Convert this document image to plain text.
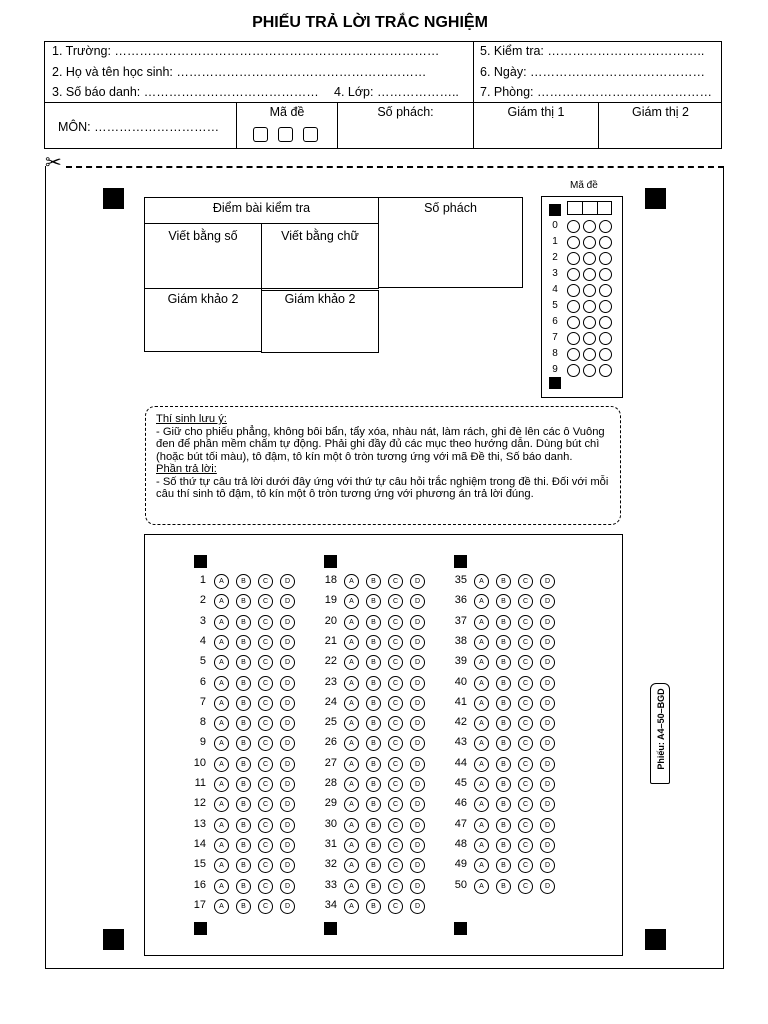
PHIẾU TRẢ LỜI TRẮC NGHIỆM
1. Trường: ……………………………………………………………………
2. Họ và tên học sinh: ……………………………………………………
3. Số báo danh: …………………………………… 4. Lớp: ………………..
5. Kiểm tra: ………………………………..
6. Ngày: ……………………………………
7. Phòng: ……………………………………
MÔN: …………………………
Mã đề	Số phách:	Giám thị 1	Giám thị 2
✂
Điểm bài kiểm tra	Số phách
Viết bằng số	Viết bằng chữ
Giám khảo 2	Giám khảo 2
Mã đề
0
1
2
3
4
5
6
7
8
9
Thí sinh lưu ý:
- Giữ cho phiếu phẳng, không bôi bẩn, tẩy xóa, nhàu nát, làm rách, ghi đè lên các ô Vuông đen để phần mềm chấm tự động. Phải ghi đầy đủ các mục theo hướng dẫn. Dùng bút chì (hoặc bút tối màu), tô đậm, tô kín một ô tròn tương ứng với mã Đề thi, Số báo danh.
Phần trả lời:
- Số thứ tự câu trả lời dưới đây ứng với thứ tự câu hỏi trắc nghiệm trong đề thi. Đối với mỗi câu thí sinh tô đậm, tô kín một ô tròn tương ứng với phương án trả lời đúng.
1	A	B	C	D
2	A	B	C	D
3	A	B	C	D
4	A	B	C	D
5	A	B	C	D
6	A	B	C	D
7	A	B	C	D
8	A	B	C	D
9	A	B	C	D
10	A	B	C	D
11	A	B	C	D
12	A	B	C	D
13	A	B	C	D
14	A	B	C	D
15	A	B	C	D
16	A	B	C	D
17	A	B	C	D
18	A	B	C	D
19	A	B	C	D
20	A	B	C	D
21	A	B	C	D
22	A	B	C	D
23	A	B	C	D
24	A	B	C	D
25	A	B	C	D
26	A	B	C	D
27	A	B	C	D
28	A	B	C	D
29	A	B	C	D
30	A	B	C	D
31	A	B	C	D
32	A	B	C	D
33	A	B	C	D
34	A	B	C	D
35	A	B	C	D
36	A	B	C	D
37	A	B	C	D
38	A	B	C	D
39	A	B	C	D
40	A	B	C	D
41	A	B	C	D
42	A	B	C	D
43	A	B	C	D
44	A	B	C	D
45	A	B	C	D
46	A	B	C	D
47	A	B	C	D
48	A	B	C	D
49	A	B	C	D
50	A	B	C	D
Phiếu: A4–50–BGD
